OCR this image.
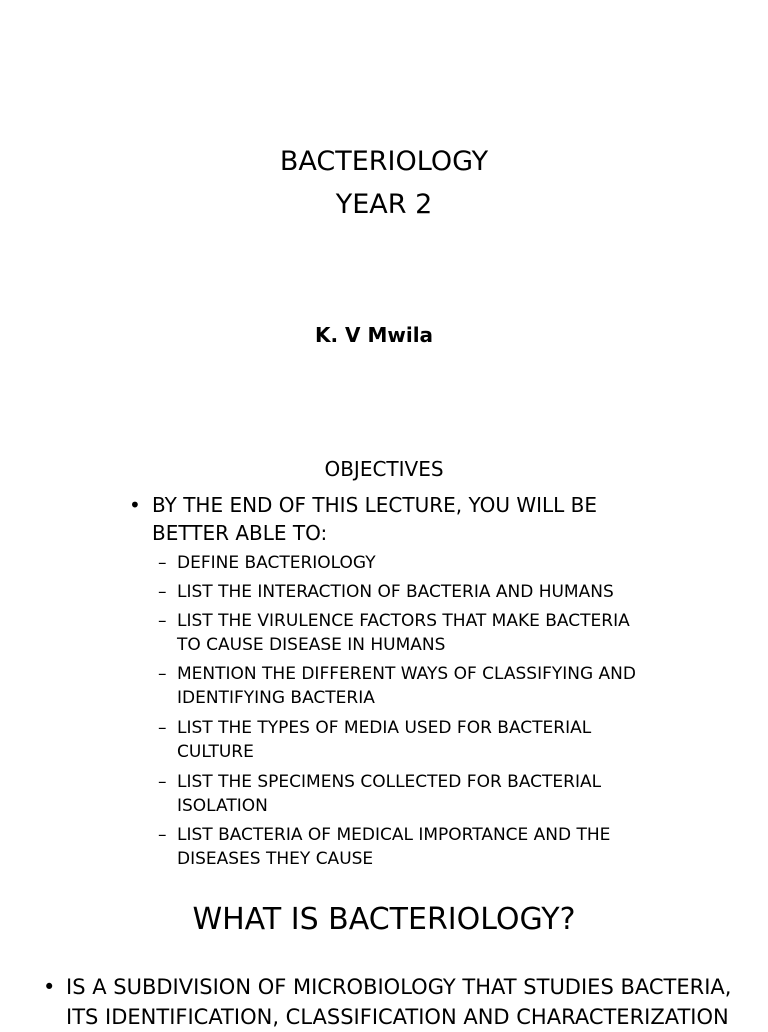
BACTERIOLOGY
YEAR 2
K. V Mwila
OBJECTIVES
• BY THE END OF THIS LECTURE, YOU WILL BE
BETTER ABLE TO:
– DEFINE BACTERIOLOGY
– LIST THE INTERACTION OF BACTERIA AND HUMANS
– LIST THE VIRULENCE FACTORS THAT MAKE BACTERIA
TO CAUSE DISEASE IN HUMANS
– MENTION THE DIFFERENT WAYS OF CLASSIFYING AND
IDENTIFYING BACTERIA
– LIST THE TYPES OF MEDIA USED FOR BACTERIAL
CULTURE
– LIST THE SPECIMENS COLLECTED FOR BACTERIAL
ISOLATION
– LIST BACTERIA OF MEDICAL IMPORTANCE AND THE
DISEASES THEY CAUSE
WHAT IS BACTERIOLOGY?
• IS A SUBDIVISION OF MICROBIOLOGY THAT STUDIES BACTERIA,
ITS IDENTIFICATION, CLASSIFICATION AND CHARACTERIZATION
